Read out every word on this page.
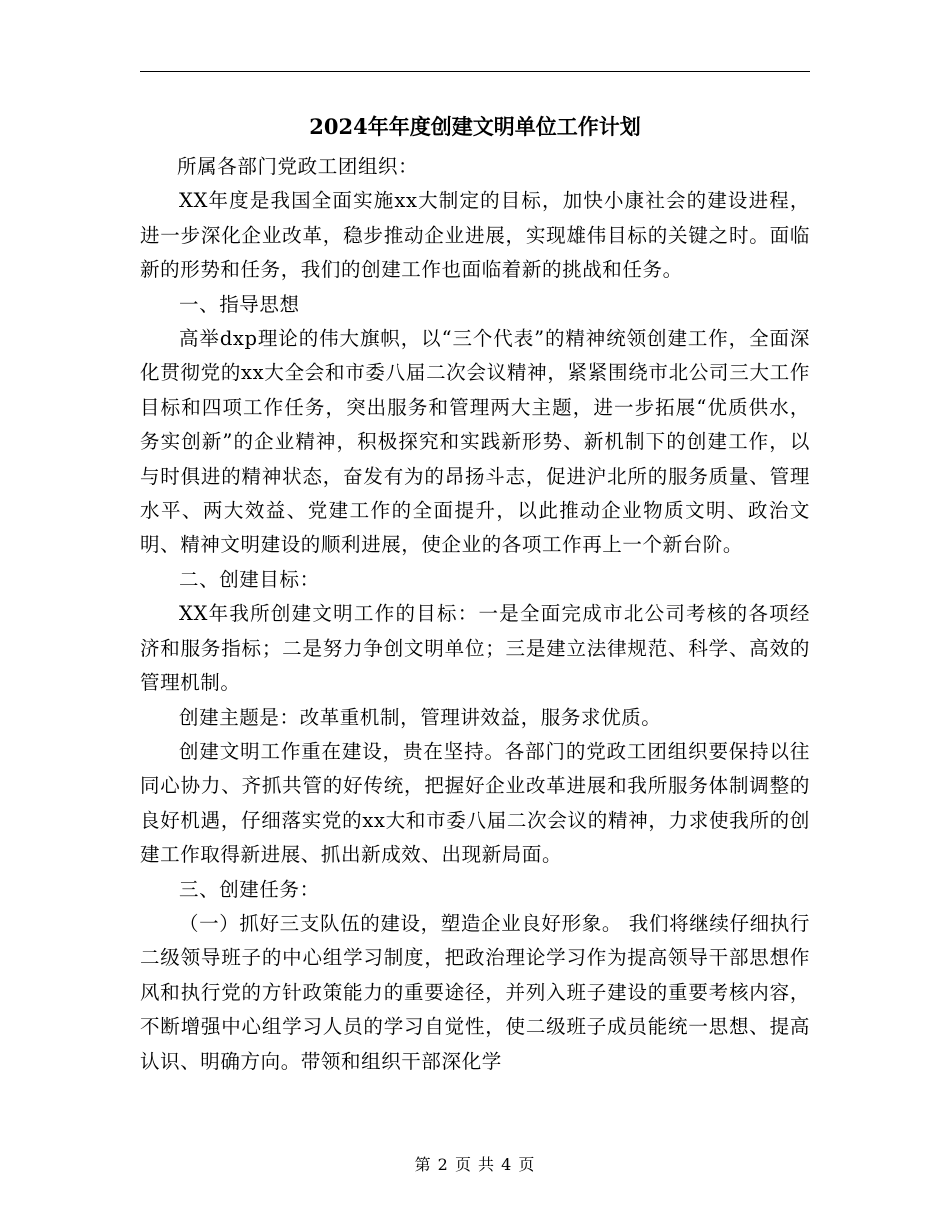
2024年年度创建文明单位工作计划

所属各部门党政工团组织：

XX年度是我国全面实施xx大制定的目标，加快小康社会的建设进程，进一步深化企业改革，稳步推动企业进展，实现雄伟目标的关键之时。面临新的形势和任务，我们的创建工作也面临着新的挑战和任务。

一、指导思想

高举dxp理论的伟大旗帜，以“三个代表”的精神统领创建工作，全面深化贯彻党的xx大全会和市委八届二次会议精神，紧紧围绕市北公司三大工作目标和四项工作任务，突出服务和管理两大主题，进一步拓展“优质供水，务实创新”的企业精神，积极探究和实践新形势、新机制下的创建工作，以与时俱进的精神状态，奋发有为的昂扬斗志，促进沪北所的服务质量、管理水平、两大效益、党建工作的全面提升，以此推动企业物质文明、政治文明、精神文明建设的顺利进展，使企业的各项工作再上一个新台阶。

二、创建目标：

XX年我所创建文明工作的目标：一是全面完成市北公司考核的各项经济和服务指标；二是努力争创文明单位；三是建立法律规范、科学、高效的管理机制。

创建主题是：改革重机制，管理讲效益，服务求优质。

创建文明工作重在建设，贵在坚持。各部门的党政工团组织要保持以往同心协力、齐抓共管的好传统，把握好企业改革进展和我所服务体制调整的良好机遇，仔细落实党的xx大和市委八届二次会议的精神，力求使我所的创建工作取得新进展、抓出新成效、出现新局面。

三、创建任务：

（一）抓好三支队伍的建设，塑造企业良好形象。 我们将继续仔细执行二级领导班子的中心组学习制度，把政治理论学习作为提高领导干部思想作风和执行党的方针政策能力的重要途径，并列入班子建设的重要考核内容，不断增强中心组学习人员的学习自觉性，使二级班子成员能统一思想、提高认识、明确方向。带领和组织干部深化学

第 2 页 共 4 页
